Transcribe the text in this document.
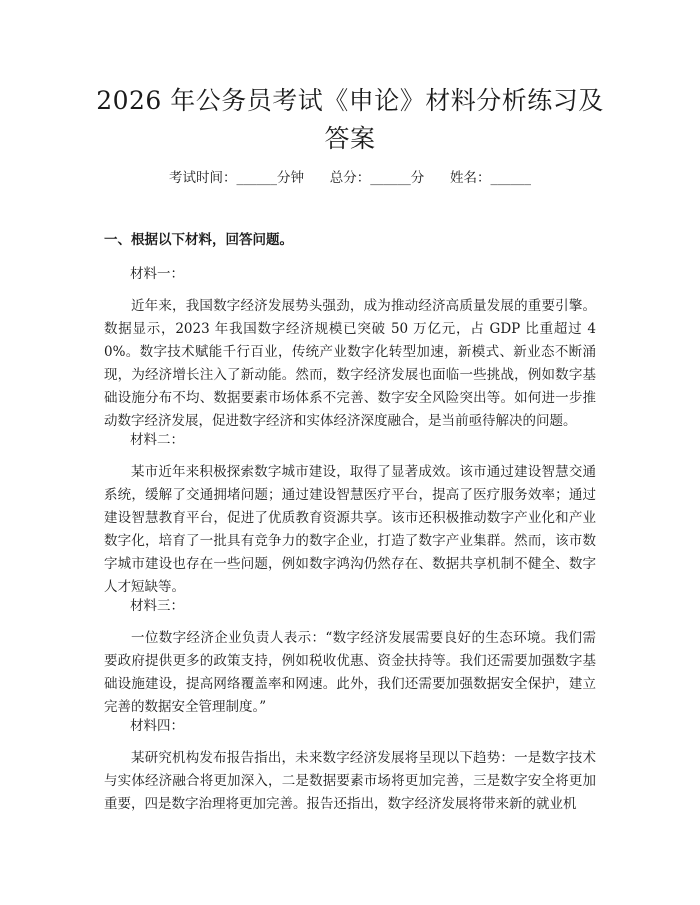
2026 年公务员考试《申论》材料分析练习及答案
考试时间：______分钟 总分：______分 姓名：______
一、根据以下材料，回答问题。

材料一：

近年来，我国数字经济发展势头强劲，成为推动经济高质量发展的重要引擎。数据显示，2023 年我国数字经济规模已突破 50 万亿元，占 GDP 比重超过 40%。数字技术赋能千行百业，传统产业数字化转型加速，新模式、新业态不断涌现，为经济增长注入了新动能。然而，数字经济发展也面临一些挑战，例如数字基础设施分布不均、数据要素市场体系不完善、数字安全风险突出等。如何进一步推动数字经济发展，促进数字经济和实体经济深度融合，是当前亟待解决的问题。

材料二：

某市近年来积极探索数字城市建设，取得了显著成效。该市通过建设智慧交通系统，缓解了交通拥堵问题；通过建设智慧医疗平台，提高了医疗服务效率；通过建设智慧教育平台，促进了优质教育资源共享。该市还积极推动数字产业化和产业数字化，培育了一批具有竞争力的数字企业，打造了数字产业集群。然而，该市数字城市建设也存在一些问题，例如数字鸿沟仍然存在、数据共享机制不健全、数字人才短缺等。

材料三：

一位数字经济企业负责人表示：“数字经济发展需要良好的生态环境。我们需要政府提供更多的政策支持，例如税收优惠、资金扶持等。我们还需要加强数字基础设施建设，提高网络覆盖率和网速。此外，我们还需要加强数据安全保护，建立完善的数据安全管理制度。”

材料四：

某研究机构发布报告指出，未来数字经济发展将呈现以下趋势：一是数字技术与实体经济融合将更加深入，二是数据要素市场将更加完善，三是数字安全将更加重要，四是数字治理将更加完善。报告还指出，数字经济发展将带来新的就业机
